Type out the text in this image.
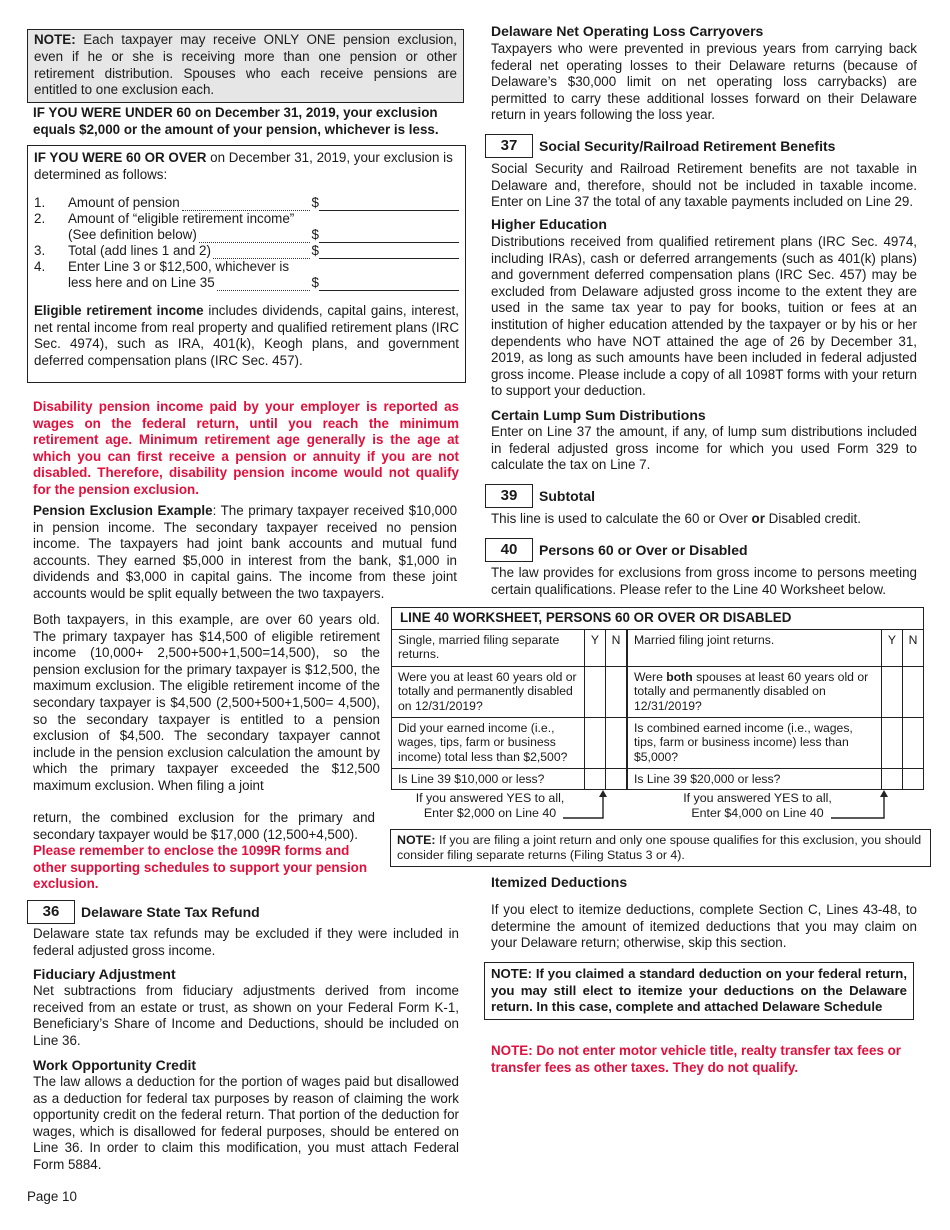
NOTE: Each taxpayer may receive ONLY ONE pension exclusion, even if he or she is receiving more than one pension or other retirement distribution. Spouses who each receive pensions are entitled to one exclusion each.

IF YOU WERE UNDER 60 on December 31, 2019, your exclusion equals $2,000 or the amount of your pension, whichever is less.

IF YOU WERE 60 OR OVER on December 31, 2019, your exclusion is determined as follows:

1.	Amount of pension	$
2.	Amount of “eligible retirement income”
(See definition below)	$
3.	Total (add lines 1 and 2)	$
4.	Enter Line 3 or $12,500, whichever is
less here and on Line 35	$

Eligible retirement income includes dividends, capital gains, interest, net rental income from real property and qualified retirement plans (IRC Sec. 4974), such as IRA, 401(k), Keogh plans, and government deferred compensation plans (IRC Sec. 457).

Disability pension income paid by your employer is reported as wages on the federal return, until you reach the minimum retirement age. Minimum retirement age generally is the age at which you can first receive a pension or annuity if you are not disabled. Therefore, disability pension income would not qualify for the pension exclusion.

Pension Exclusion Example: The primary taxpayer received $10,000 in pension income. The secondary taxpayer received no pension income. The taxpayers had joint bank accounts and mutual fund accounts. They earned $5,000 in interest from the bank, $1,000 in dividends and $3,000 in capital gains. The income from these joint accounts would be split equally between the two taxpayers.

Both taxpayers, in this example, are over 60 years old. The primary taxpayer has $14,500 of eligible retirement income (10,000+ 2,500+500+1,500=14,500), so the pension exclusion for the primary taxpayer is $12,500, the maximum exclusion. The eligible retirement income of the secondary taxpayer is $4,500 (2,500+500+1,500= 4,500), so the secondary taxpayer is entitled to a pension exclusion of $4,500. The secondary taxpayer cannot include in the pension exclusion calculation the amount by which the primary taxpayer exceeded the $12,500 maximum exclusion. When filing a joint

return, the combined exclusion for the primary and secondary taxpayer would be $17,000 (12,500+4,500).

Please remember to enclose the 1099R forms and other supporting schedules to support your pension exclusion.

36	Delaware State Tax Refund

Delaware state tax refunds may be excluded if they were included in federal adjusted gross income.

Fiduciary Adjustment

Net subtractions from fiduciary adjustments derived from income received from an estate or trust, as shown on your Federal Form K-1, Beneficiary’s Share of Income and Deductions, should be included on Line 36.

Work Opportunity Credit

The law allows a deduction for the portion of wages paid but disallowed as a deduction for federal tax purposes by reason of claiming the work opportunity credit on the federal return. That portion of the deduction for wages, which is disallowed for federal purposes, should be entered on Line 36. In order to claim this modification, you must attach Federal Form 5884.

Page 10

Delaware Net Operating Loss Carryovers

Taxpayers who were prevented in previous years from carrying back federal net operating losses to their Delaware returns (because of Delaware’s $30,000 limit on net operating loss carrybacks) are permitted to carry these additional losses forward on their Delaware return in years following the loss year.

37	Social Security/Railroad Retirement Benefits

Social Security and Railroad Retirement benefits are not taxable in Delaware and, therefore, should not be included in taxable income. Enter on Line 37 the total of any taxable payments included on Line 29.

Higher Education

Distributions received from qualified retirement plans (IRC Sec. 4974, including IRAs), cash or deferred arrangements (such as 401(k) plans) and government deferred compensation plans (IRC Sec. 457) may be excluded from Delaware adjusted gross income to the extent they are used in the same tax year to pay for books, tuition or fees at an institution of higher education attended by the taxpayer or by his or her dependents who have NOT attained the age of 26 by December 31, 2019, as long as such amounts have been included in federal adjusted gross income. Please include a copy of all 1098T forms with your return to support your deduction.

Certain Lump Sum Distributions

Enter on Line 37 the amount, if any, of lump sum distributions included in federal adjusted gross income for which you used Form 329 to calculate the tax on Line 7.

39	Subtotal

This line is used to calculate the 60 or Over or Disabled credit.

40	Persons 60 or Over or Disabled

The law provides for exclusions from gross income to persons meeting certain qualifications. Please refer to the Line 40 Worksheet below.

LINE 40 WORKSHEET, PERSONS 60 OR OVER OR DISABLED
Single, married filing separate returns.	Y	N	Married filing joint returns.	Y	N
Were you at least 60 years old or totally and permanently disabled on 12/31/2019?			Were both spouses at least 60 years old or totally and permanently disabled on 12/31/2019?		
Did your earned income (i.e., wages, tips, farm or business income) total less than $2,500?			Is combined earned income (i.e., wages, tips, farm or business income) less than $5,000?		
Is Line 39 $10,000 or less?			Is Line 39 $20,000 or less?		
If you answered YES to all,
Enter $2,000 on Line 40
If you answered YES to all,
Enter $4,000 on Line 40
NOTE: If you are filing a joint return and only one spouse qualifies for this exclusion, you should consider filing separate returns (Filing Status 3 or 4).

Itemized Deductions

If you elect to itemize deductions, complete Section C, Lines 43-48, to determine the amount of itemized deductions that you may claim on your Delaware return; otherwise, skip this section.

NOTE: If you claimed a standard deduction on your federal return, you may still elect to itemize your deductions on the Delaware return. In this case, complete and attached Delaware Schedule

NOTE: Do not enter motor vehicle title, realty transfer tax fees or transfer fees as other taxes. They do not qualify.
